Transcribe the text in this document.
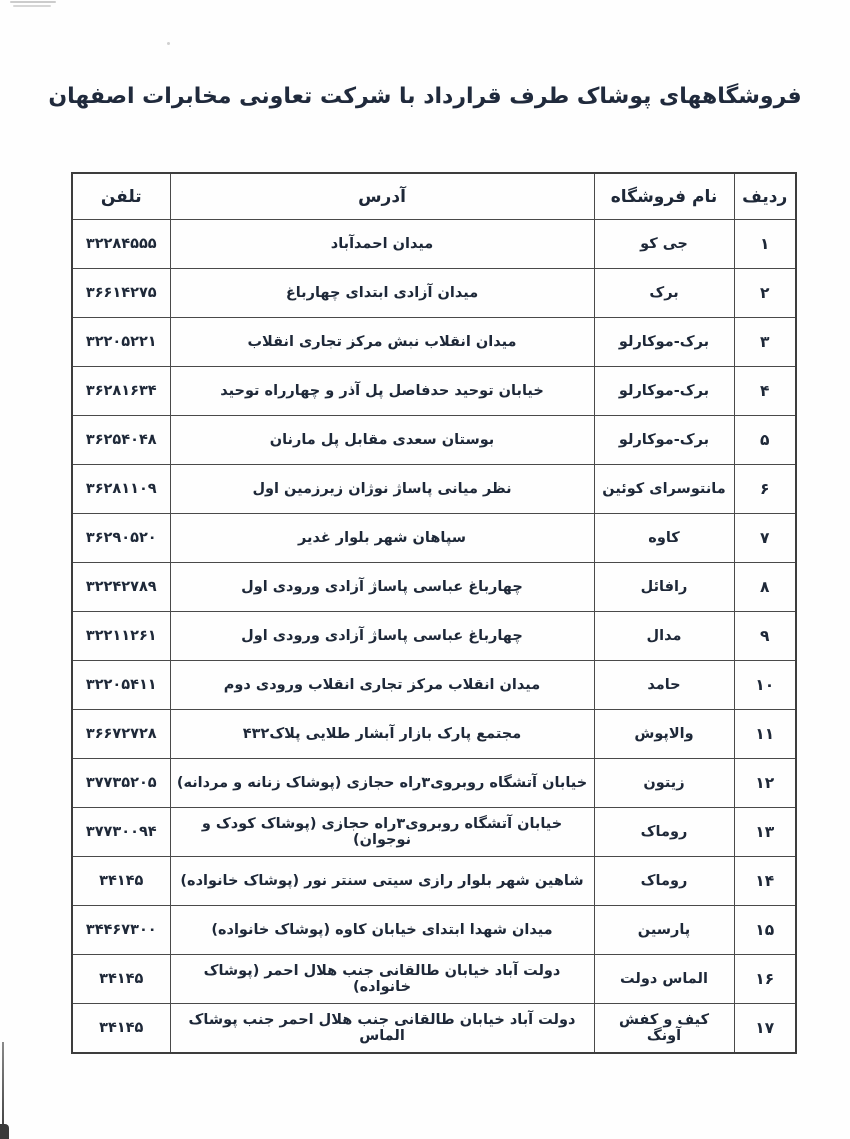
فروشگاههای پوشاک طرف قرارداد با شرکت تعاونی مخابرات اصفهان
ردیف	نام فروشگاه	آدرس	تلفن
۱	جی کو	میدان احمدآباد	۳۲۲۸۴۵۵۵
۲	برک	میدان آزادی ابتدای چهارباغ	۳۶۶۱۴۲۷۵
۳	برک-موکارلو	میدان انقلاب نبش مرکز تجاری انقلاب	۳۲۲۰۵۲۲۱
۴	برک-موکارلو	خیابان توحید حدفاصل پل آذر و چهارراه توحید	۳۶۲۸۱۶۳۴
۵	برک-موکارلو	بوستان سعدی مقابل پل مارنان	۳۶۲۵۴۰۴۸
۶	مانتوسرای کوئین	نظر میانی پاساژ نوژان زیرزمین اول	۳۶۲۸۱۱۰۹
۷	کاوه	سپاهان شهر بلوار غدیر	۳۶۲۹۰۵۲۰
۸	رافائل	چهارباغ عباسی پاساژ آزادی ورودی اول	۳۲۲۴۲۷۸۹
۹	مدال	چهارباغ عباسی پاساژ آزادی ورودی اول	۳۲۲۱۱۲۶۱
۱۰	حامد	میدان انقلاب مرکز تجاری انقلاب ورودی دوم	۳۲۲۰۵۴۱۱
۱۱	والاپوش	مجتمع پارک بازار آبشار طلایی پلاک۴۳۲	۳۶۶۷۲۷۲۸
۱۲	زیتون	خیابان آتشگاه روبروی۳راه حجازی (پوشاک زنانه و مردانه)	۳۷۷۳۵۲۰۵
۱۳	روماک	خیابان آتشگاه روبروی۳راه حجازی (پوشاک کودک و نوجوان)	۳۷۷۳۰۰۹۴
۱۴	روماک	شاهین شهر بلوار رازی سیتی سنتر نور (پوشاک خانواده)	۳۴۱۴۵
۱۵	پارسین	میدان شهدا ابتدای خیابان کاوه (پوشاک خانواده)	۳۴۴۶۷۳۰۰
۱۶	الماس دولت	دولت آباد خیابان طالقانی جنب هلال احمر (پوشاک خانواده)	۳۴۱۴۵
۱۷	کیف و کفش آونگ	دولت آباد خیابان طالقانی جنب هلال احمر جنب پوشاک الماس	۳۴۱۴۵
